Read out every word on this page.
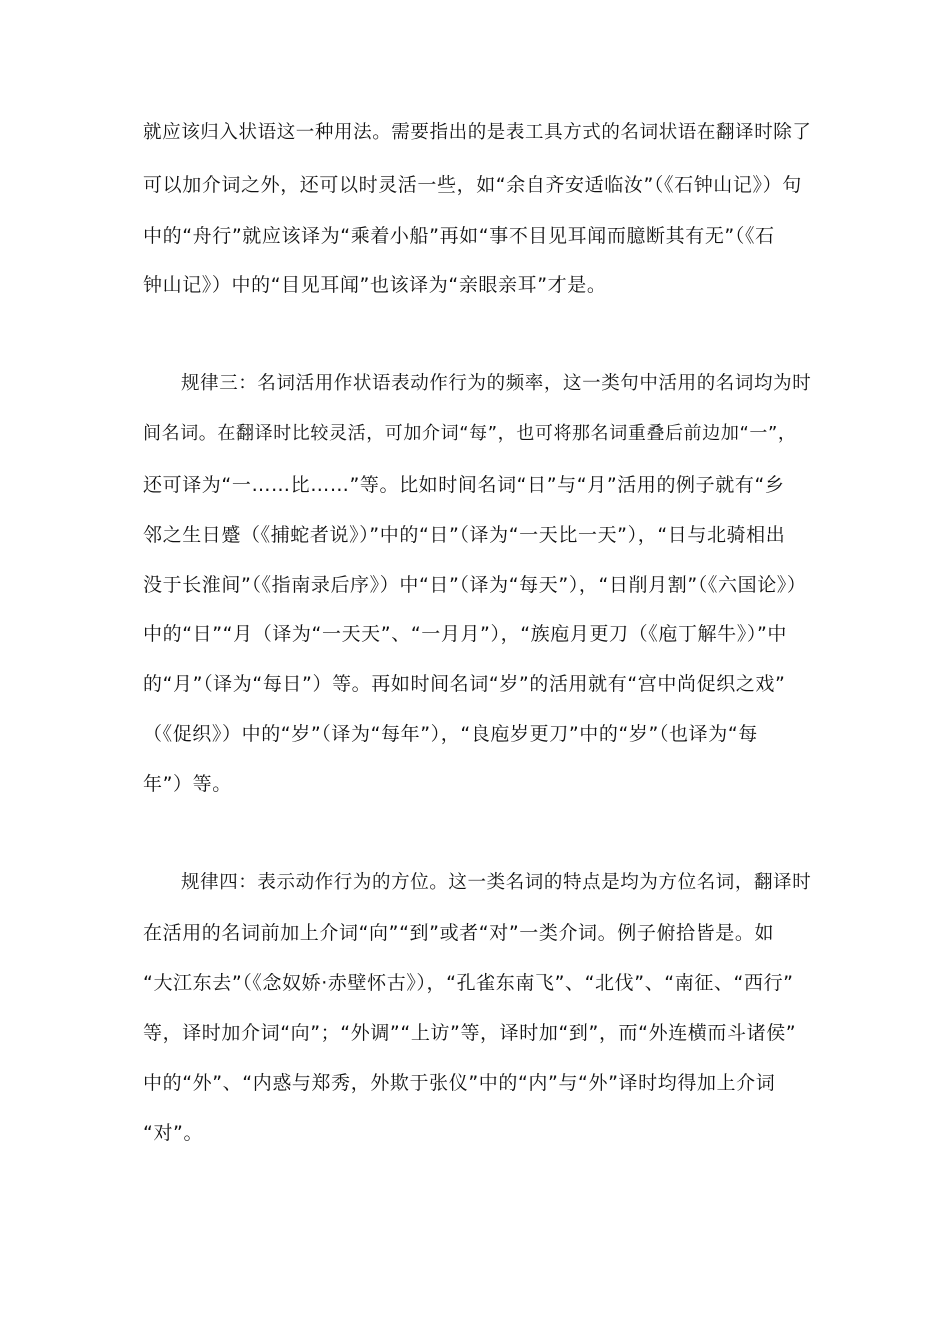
就应该归入状语这一种用法。需要指出的是表工具方式的名词状语在翻译时除了
可以加介词之外，还可以时灵活一些，如“余自齐安适临汝”（《石钟山记》）句
中的“舟行”就应该译为“乘着小船”再如“事不目见耳闻而臆断其有无”（《石
钟山记》）中的“目见耳闻”也该译为“亲眼亲耳”才是。
规律三：名词活用作状语表动作行为的频率，这一类句中活用的名词均为时
间名词。在翻译时比较灵活，可加介词“每”，也可将那名词重叠后前边加“一”，
还可译为“一……比……”等。比如时间名词“日”与“月”活用的例子就有“乡
邻之生日蹙（《捕蛇者说》）”中的“日”（译为“一天比一天”），“日与北骑相出
没于长淮间”（《指南录后序》）中“日”（译为“每天”），“日削月割”（《六国论》）
中的“日”“月（译为“一天天”、“一月月”），“族庖月更刀（《庖丁解牛》）”中
的“月”（译为“每日”）等。再如时间名词“岁”的活用就有“宫中尚促织之戏”
（《促织》）中的“岁”（译为“每年”），“良庖岁更刀”中的“岁”（也译为“每
年”）等。
规律四：表示动作行为的方位。这一类名词的特点是均为方位名词，翻译时
在活用的名词前加上介词“向”“到”或者“对”一类介词。例子俯拾皆是。如
“大江东去”（《念奴娇·赤壁怀古》），“孔雀东南飞”、“北伐”、“南征、“西行”
等，译时加介词“向”；“外调”“上访”等，译时加“到”，而“外连横而斗诸侯”
中的“外”、“内惑与郑秀，外欺于张仪”中的“内”与“外”译时均得加上介词
“对”。
